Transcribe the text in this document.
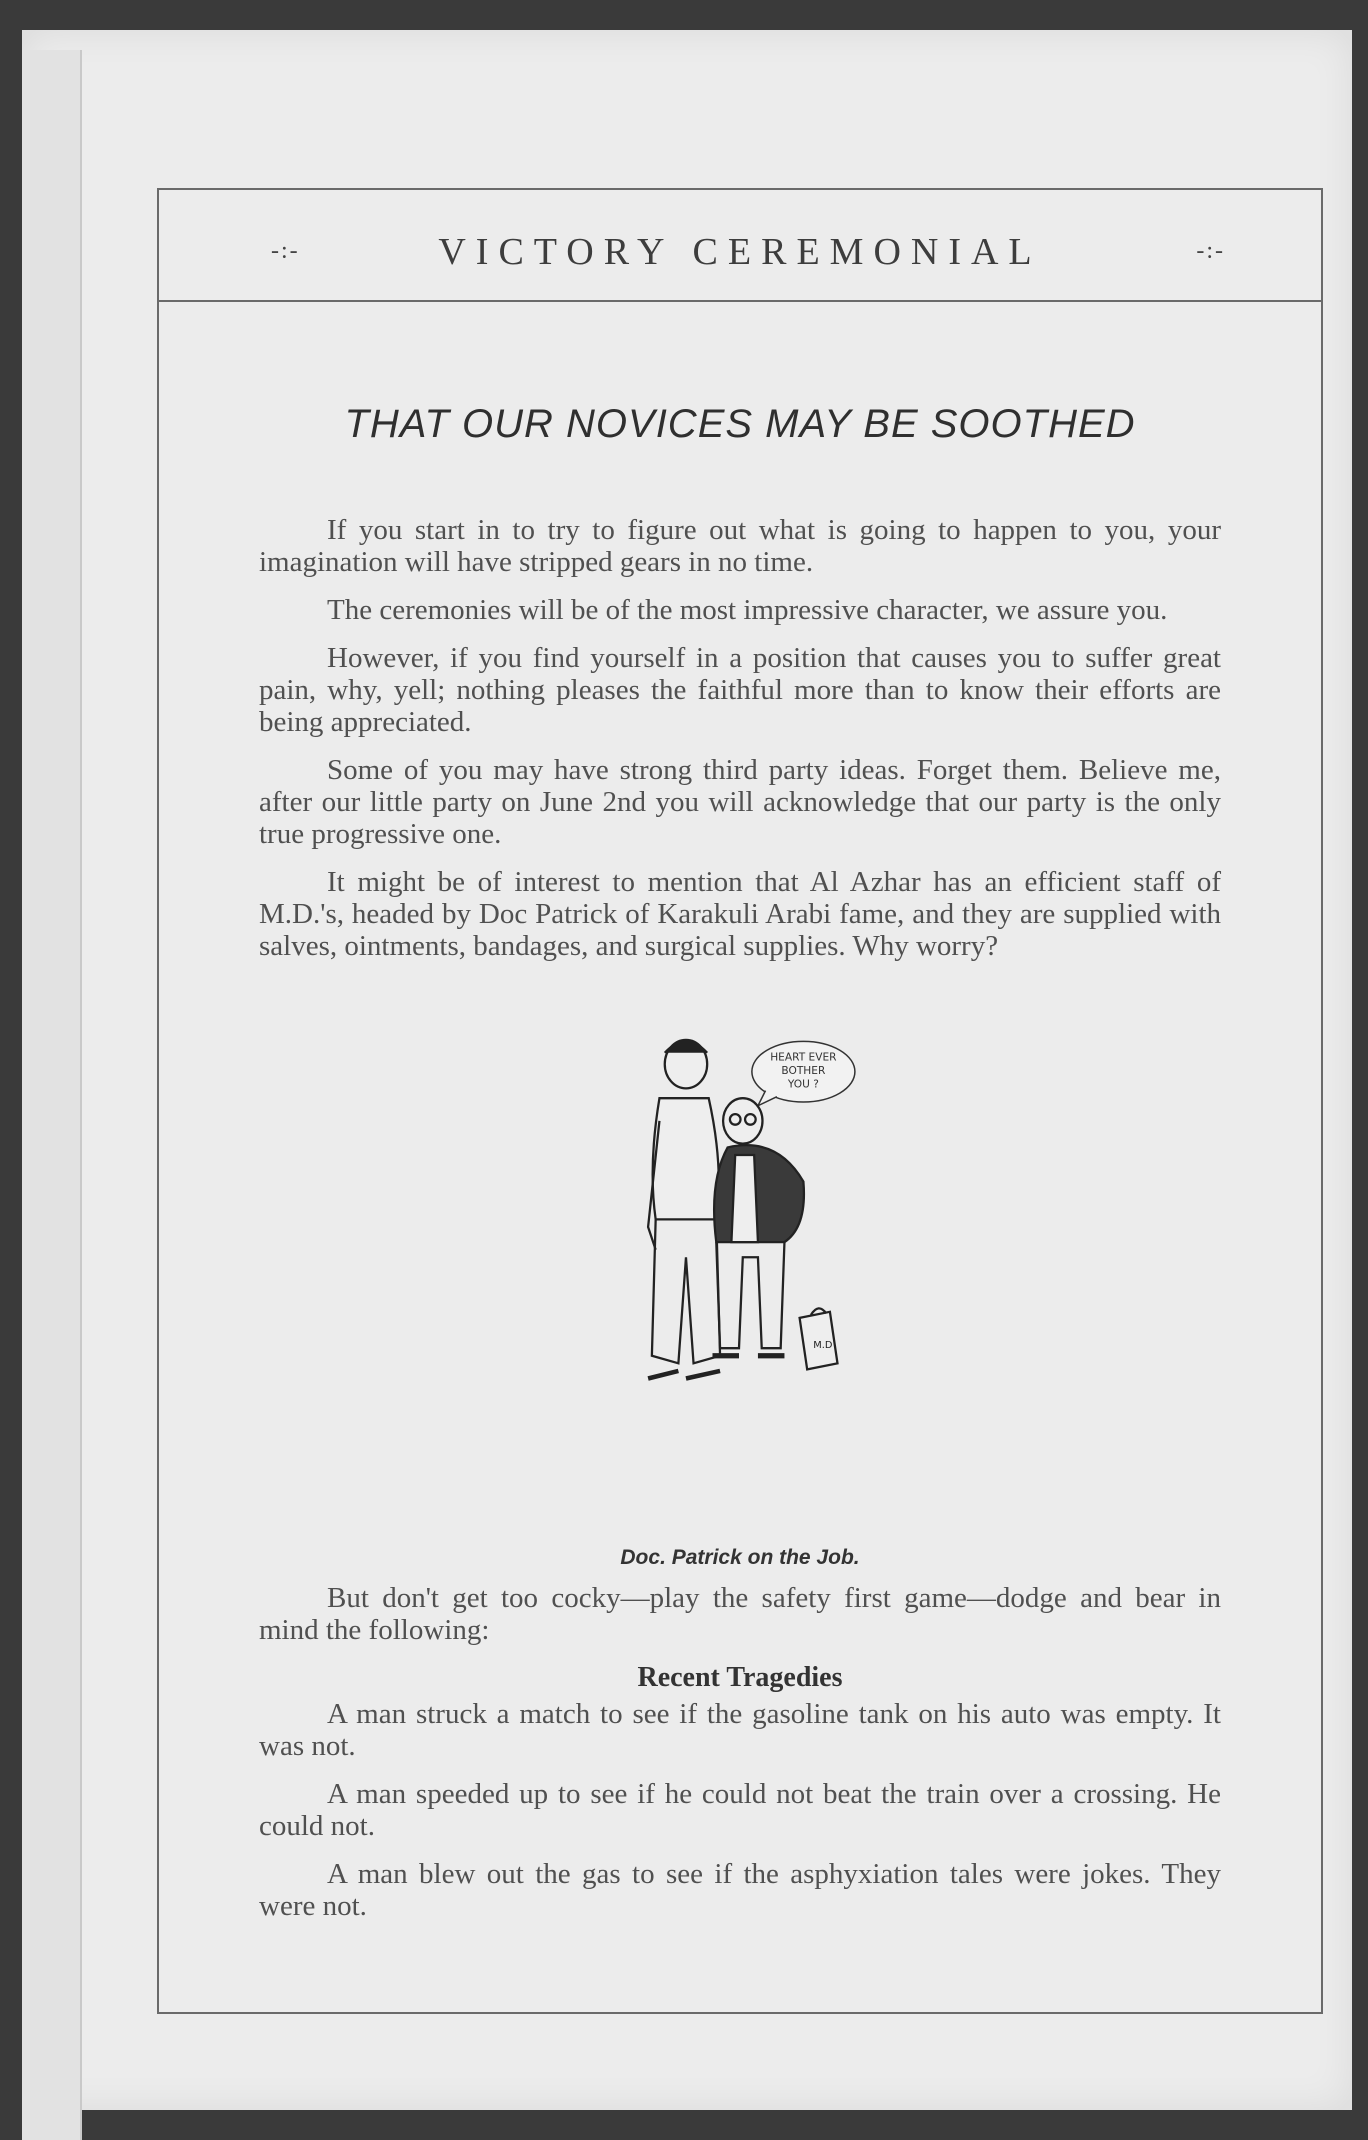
-:-	VICTORY CEREMONIAL	-:-
THAT OUR NOVICES MAY BE SOOTHED

If you start in to try to figure out what is going to happen to you, your imagination will have stripped gears in no time.

The ceremonies will be of the most impressive character, we assure you.

However, if you find yourself in a position that causes you to suffer great pain, why, yell; nothing pleases the faithful more than to know their efforts are being appreciated.

Some of you may have strong third party ideas. Forget them. Believe me, after our little party on June 2nd you will acknowledge that our party is the only true progressive one.

It might be of interest to mention that Al Azhar has an efficient staff of M.D.'s, headed by Doc Patrick of Karakuli Arabi fame, and they are supplied with salves, ointments, bandages, and surgical supplies. Why worry?

HEART EVER
BOTHER
YOU ?
M.D
Doc. Patrick on the Job.

But don't get too cocky—play the safety first game—dodge and bear in mind the following:

Recent Tragedies

A man struck a match to see if the gasoline tank on his auto was empty. It was not.

A man speeded up to see if he could not beat the train over a crossing. He could not.

A man blew out the gas to see if the asphyxiation tales were jokes. They were not.
